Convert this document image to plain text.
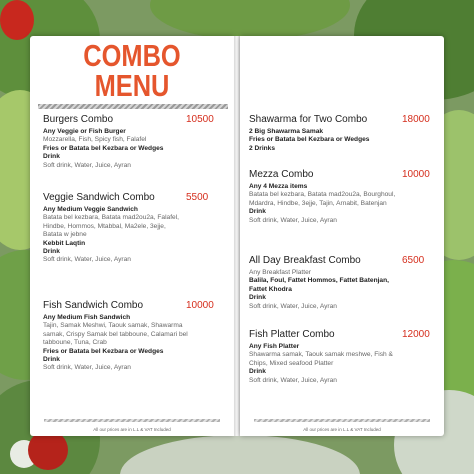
COMBO
MENU
Burgers Combo	10500
Any Veggie or Fish Burger
Mozzarella, Fish, Spicy fish, Falafel
Fries or Batata bel Kezbara or Wedges
Drink
Soft drink, Water, Juice, Ayran
Veggie Sandwich Combo	5500
Any Medium Veggie Sandwich
Batata bel kezbara, Batata mad2ou2a, Falafel,
Hindbe, Hommos, Mtabbal, Ma2ele, 3ejje,
Batata w jebne
Kebbit Laqtin
Drink
Soft drink, Water, Juice, Ayran
Fish Sandwich Combo	10000
Any Medium Fish Sandwich
Tajin, Samak Meshwi, Taouk samak, Shawarma
samak, Crispy Samak bel tabboune, Calamari bel
tabboune, Tuna, Crab
Fries or Batata bel Kezbara or Wedges
Drink
Soft drink, Water, Juice, Ayran
All our prices are in L.L & VAT Included
Shawarma for Two Combo	18000
2 Big Shawarma Samak
Fries or Batata bel Kezbara or Wedges
2 Drinks
Mezza Combo	10000
Any 4 Mezza items
Batata bel kezbara, Batata mad2ou2a, Bourghoul,
Mdardra, Hindbe, 3ejje, Tajin, Arnabit, Batenjan
Drink
Soft drink, Water, Juice, Ayran
All Day Breakfast Combo	6500
Any Breakfast Platter
Balila, Foul, Fattet Hommos, Fattet Batenjan,
Fattet Khodra
Drink
Soft drink, Water, Juice, Ayran
Fish Platter Combo	12000
Any Fish Platter
Shawarma samak, Taouk samak meshwe, Fish &
Chips, Mixed seafood Platter
Drink
Soft drink, Water, Juice, Ayran
All our prices are in L.L & VAT Included
